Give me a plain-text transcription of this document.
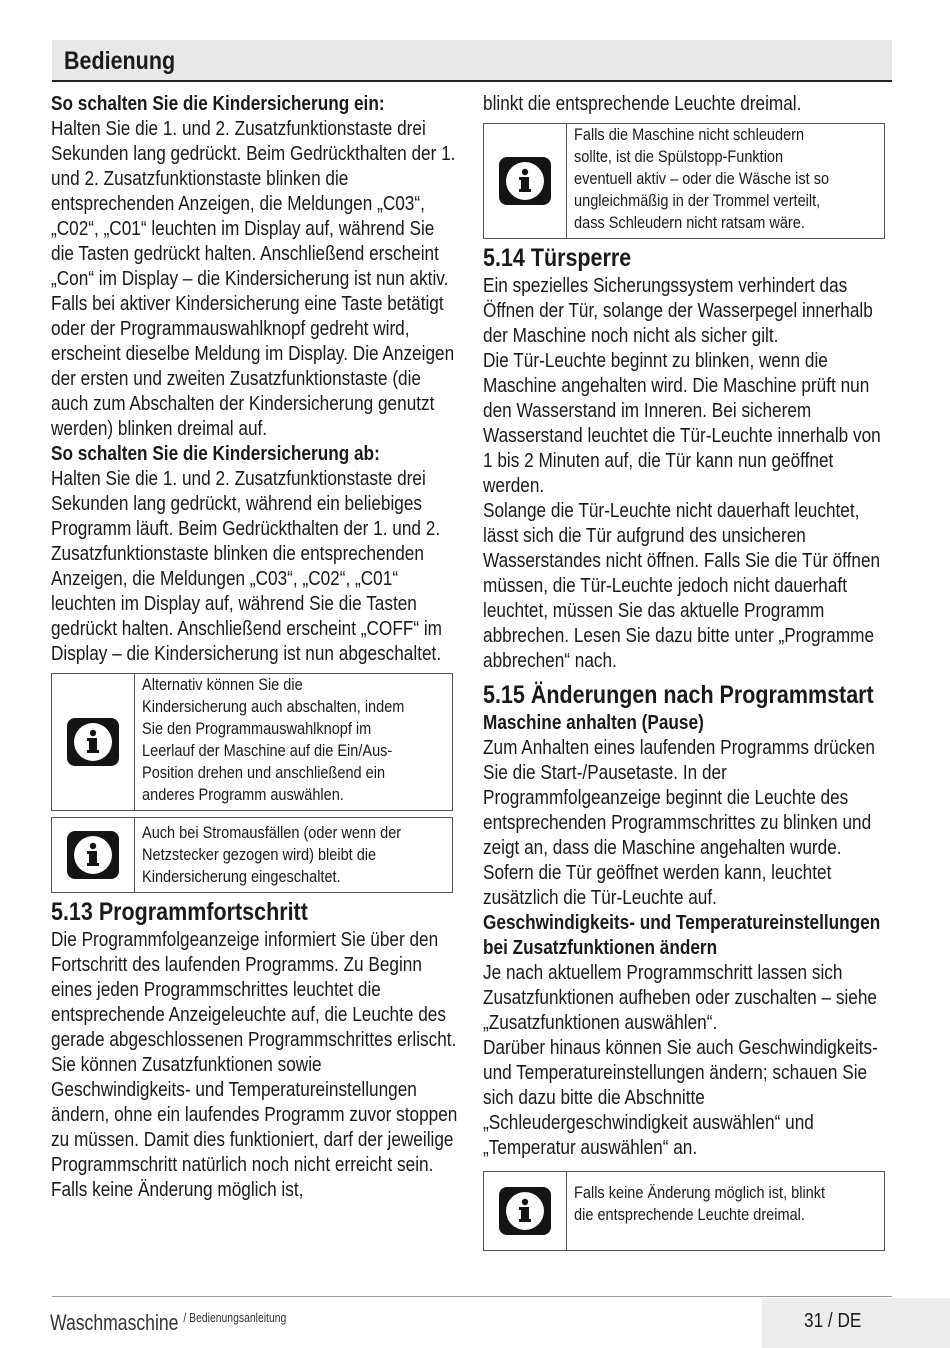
Bedienung

So schalten Sie die Kindersicherung ein:

Halten Sie die 1. und 2. Zusatzfunktionstaste drei Sekunden lang gedrückt. Beim Gedrückthalten der 1. und 2. Zusatzfunktionstaste blinken die entsprechenden Anzeigen, die Meldungen „C03“, „C02“, „C01“ leuchten im Display auf, während Sie die Tasten gedrückt halten. Anschließend erscheint „Con“ im Display – die Kindersicherung ist nun aktiv. Falls bei aktiver Kindersicherung eine Taste betätigt oder der Programmauswahlknopf gedreht wird, erscheint dieselbe Meldung im Display. Die Anzeigen der ersten und zweiten Zusatzfunktionstaste (die auch zum Abschalten der Kindersicherung genutzt werden) blinken dreimal auf.

So schalten Sie die Kindersicherung ab:

Halten Sie die 1. und 2. Zusatzfunktionstaste drei Sekunden lang gedrückt, während ein beliebiges Programm läuft. Beim Gedrückthalten der 1. und 2. Zusatzfunktionstaste blinken die entsprechenden Anzeigen, die Meldungen „C03“, „C02“, „C01“ leuchten im Display auf, während Sie die Tasten gedrückt halten. Anschließend erscheint „COFF“ im Display – die Kindersicherung ist nun abgeschaltet.

Alternativ können Sie die Kindersicherung auch abschalten, indem Sie den Programmauswahlknopf im Leerlauf der Maschine auf die Ein/Aus-Position drehen und anschließend ein anderes Programm auswählen.
Auch bei Stromausfällen (oder wenn der Netzstecker gezogen wird) bleibt die Kindersicherung eingeschaltet.
5.13 Programmfortschritt

Die Programmfolgeanzeige informiert Sie über den Fortschritt des laufenden Programms. Zu Beginn eines jeden Programmschrittes leuchtet die entsprechende Anzeigeleuchte auf, die Leuchte des gerade abgeschlossenen Programmschrittes erlischt.

Sie können Zusatzfunktionen sowie Geschwindigkeits- und Temperatureinstellungen ändern, ohne ein laufendes Programm zuvor stoppen zu müssen. Damit dies funktioniert, darf der jeweilige Programmschritt natürlich noch nicht erreicht sein. Falls keine Änderung möglich ist,

blinkt die entsprechende Leuchte dreimal.

Falls die Maschine nicht schleudern sollte, ist die Spülstopp-Funktion eventuell aktiv – oder die Wäsche ist so ungleichmäßig in der Trommel verteilt, dass Schleudern nicht ratsam wäre.
5.14 Türsperre

Ein spezielles Sicherungssystem verhindert das Öffnen der Tür, solange der Wasserpegel innerhalb der Maschine noch nicht als sicher gilt.

Die Tür-Leuchte beginnt zu blinken, wenn die Maschine angehalten wird. Die Maschine prüft nun den Wasserstand im Inneren. Bei sicherem Wasserstand leuchtet die Tür-Leuchte innerhalb von 1 bis 2 Minuten auf, die Tür kann nun geöffnet werden.

Solange die Tür-Leuchte nicht dauerhaft leuchtet, lässt sich die Tür aufgrund des unsicheren Wasserstandes nicht öffnen. Falls Sie die Tür öffnen müssen, die Tür-Leuchte jedoch nicht dauerhaft leuchtet, müssen Sie das aktuelle Programm abbrechen. Lesen Sie dazu bitte unter „Programme abbrechen“ nach.

5.15 Änderungen nach Programmstart

Maschine anhalten (Pause)

Zum Anhalten eines laufenden Programms drücken Sie die Start-/Pausetaste. In der Programmfolgeanzeige beginnt die Leuchte des entsprechenden Programmschrittes zu blinken und zeigt an, dass die Maschine angehalten wurde. Sofern die Tür geöffnet werden kann, leuchtet zusätzlich die Tür-Leuchte auf.

Geschwindigkeits- und Temperatureinstellungen bei Zusatzfunktionen ändern

Je nach aktuellem Programmschritt lassen sich Zusatzfunktionen aufheben oder zuschalten – siehe „Zusatzfunktionen auswählen“.

Darüber hinaus können Sie auch Geschwindigkeits- und Temperatureinstellungen ändern; schauen Sie sich dazu bitte die Abschnitte „Schleudergeschwindigkeit auswählen“ und „Temperatur auswählen“ an.

Falls keine Änderung möglich ist, blinkt die entsprechende Leuchte dreimal.
Waschmaschine $^{/ Bedienungsanleitung}$	31 / DE
